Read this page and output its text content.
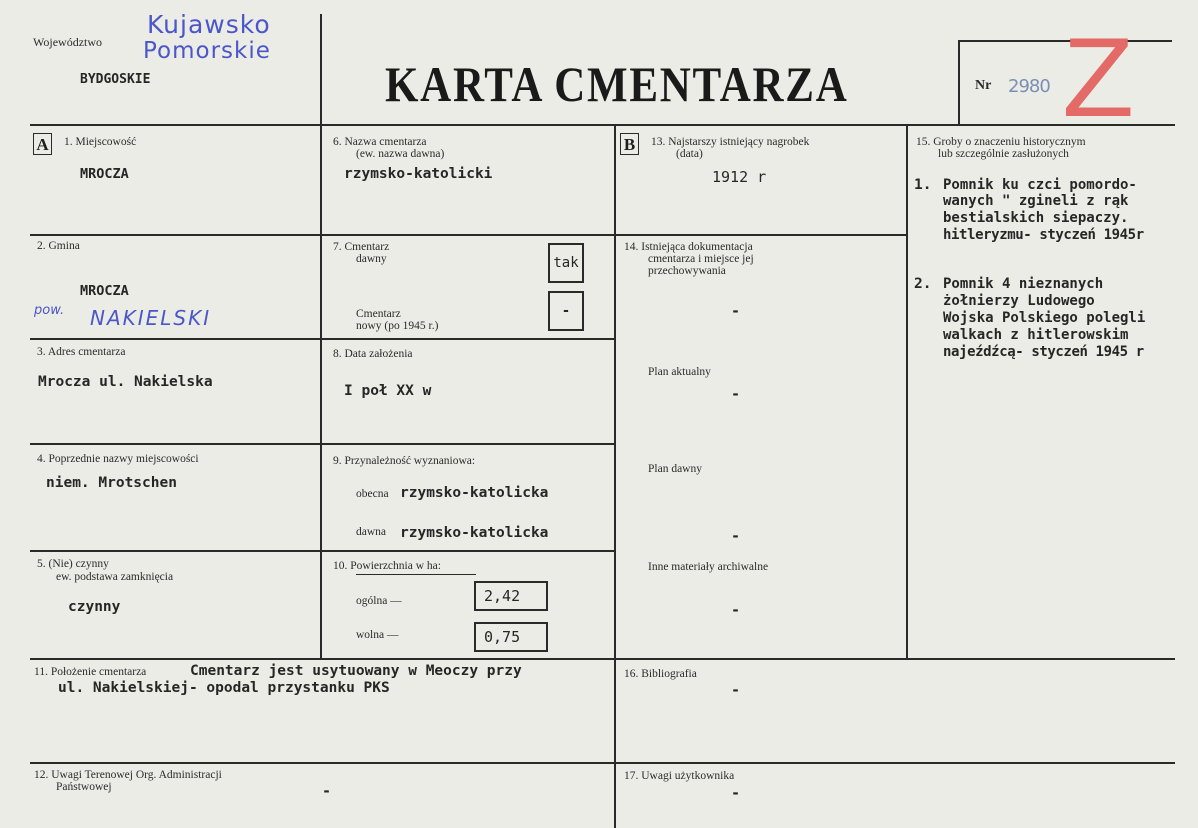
Województwo
BYDGOSKIE
Kujawsko
Pomorskie
KARTA CMENTARZA	Nr 2980 Z
A 1. Miejscowość
MROCZA
2. Gmina
MROCZA
pow. NAKIELSKI
3. Adres cmentarza
Mrocza ul. Nakielska
4. Poprzednie nazwy miejscowości
niem. Mrotschen
5. (Nie) czynny
ew. podstawa zamknięcia
czynny
6. Nazwa cmentarza
(ew. nazwa dawna)
rzymsko-katolicki
7. Cmentarz
dawny	tak
Cmentarz
nowy (po 1945 r.)
-
8. Data założenia
I poł XX w
9. Przynależność wyznaniowa:
obecna rzymsko-katolicka
dawna rzymsko-katolicka
10. Powierzchnia w ha:
ogólna —	2,42
wolna —	0,75
B	13. Najstarszy istniejący nagrobek
(data)
1912 r
14. Istniejąca dokumentacja
cmentarza i miejsce jej
przechowywania
-
Plan aktualny
-
Plan dawny
-
Inne materiały archiwalne
-
15. Groby o znaczeniu historycznym
lub szczególnie zasłużonych
1. Pomnik ku czci pomordo-
wanych " zgineli z rąk
bestialskich siepaczy.
hitleryzmu- styczeń 1945r
2. Pomnik 4 nieznanych
żołnierzy Ludowego
Wojska Polskiego polegli
walkach z hitlerowskim
najeźdźcą- styczeń 1945 r
11. Położenie cmentarza	Cmentarz jest usytuowany w Meoczy przy
ul. Nakielskiej- opodal przystanku PKS
16. Bibliografia
-
12. Uwagi Terenowej Org. Administracji
Państwowej	-
17. Uwagi użytkownika
-
